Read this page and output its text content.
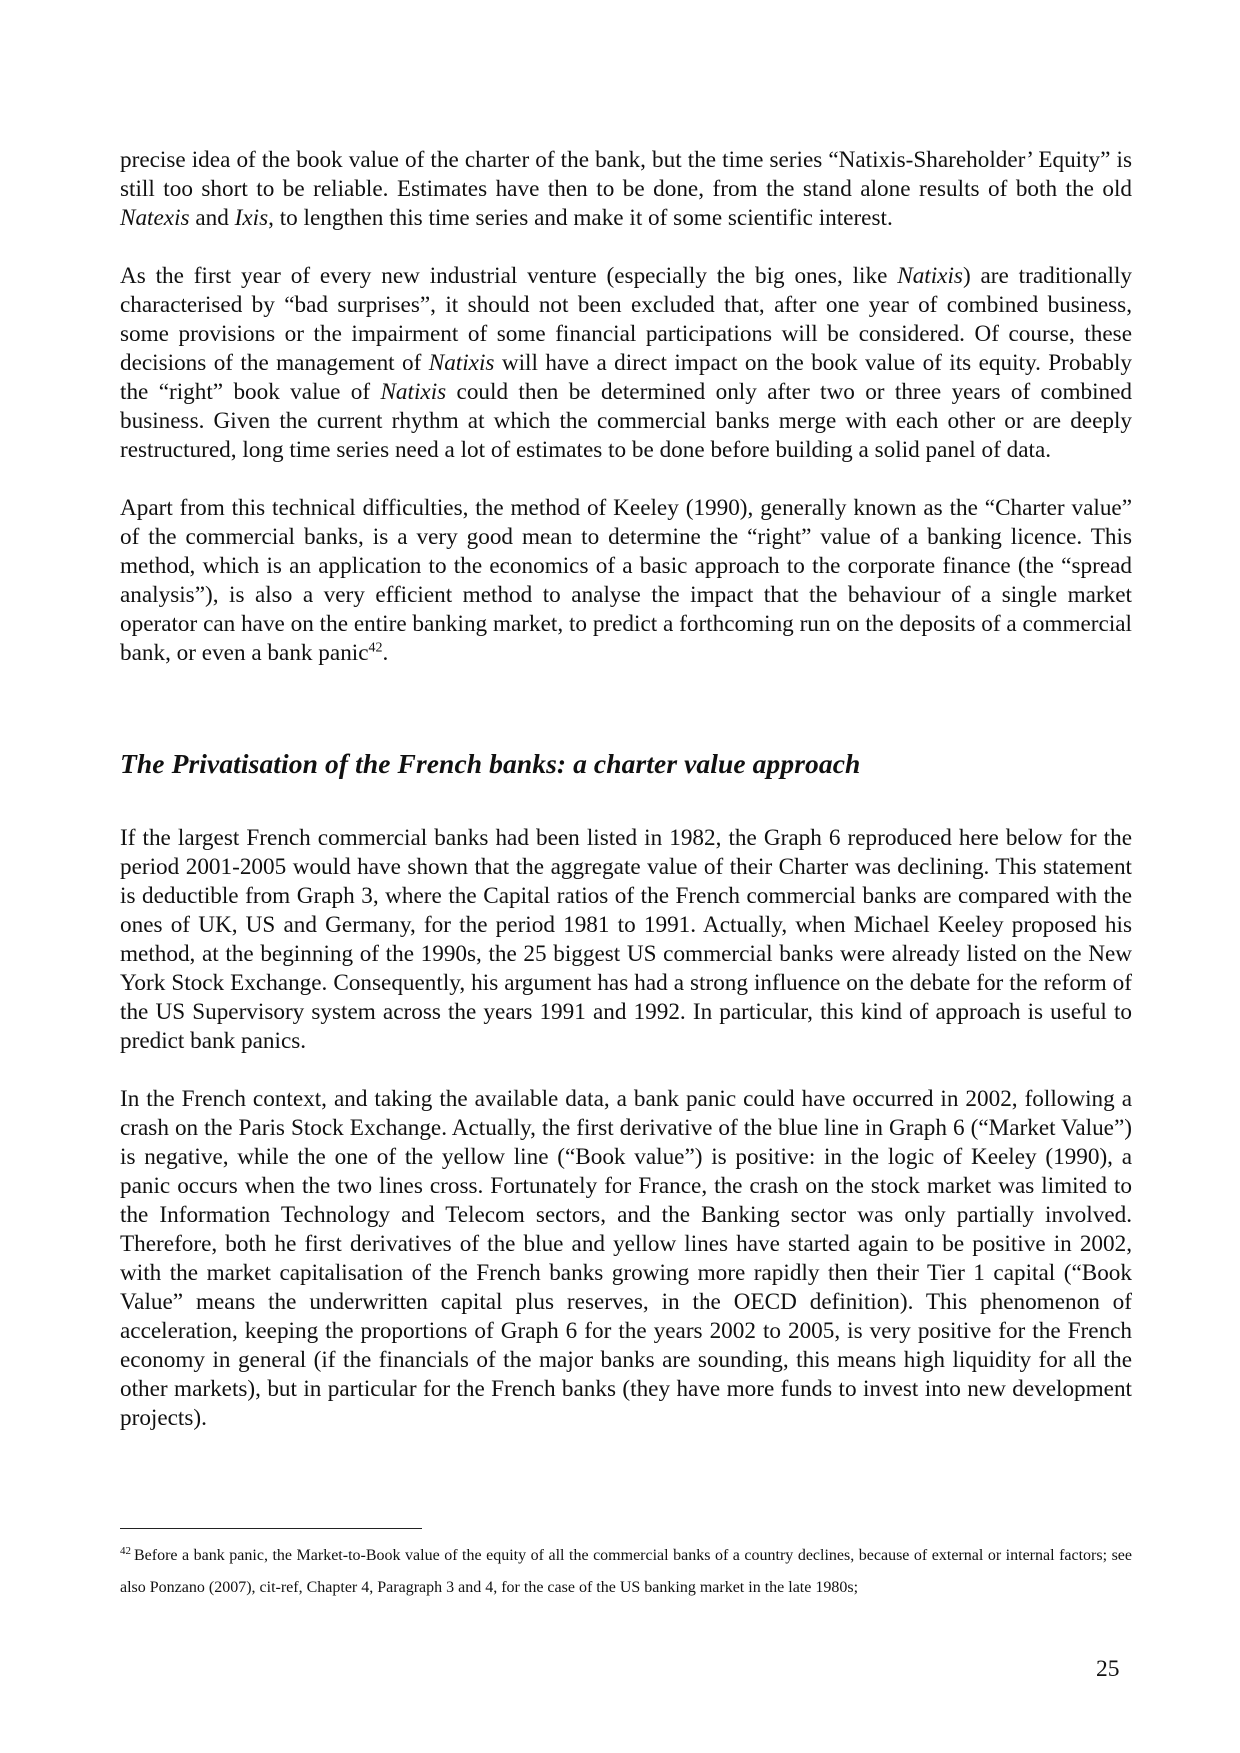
precise idea of the book value of the charter of the bank, but the time series “Natixis-Shareholder’ Equity” is still too short to be reliable. Estimates have then to be done, from the stand alone results of both the old Natexis and Ixis, to lengthen this time series and make it of some scientific interest.

As the first year of every new industrial venture (especially the big ones, like Natixis) are traditionally characterised by “bad surprises”, it should not been excluded that, after one year of combined business, some provisions or the impairment of some financial participations will be considered. Of course, these decisions of the management of Natixis will have a direct impact on the book value of its equity. Probably the “right” book value of Natixis could then be determined only after two or three years of combined business. Given the current rhythm at which the commercial banks merge with each other or are deeply restructured, long time series need a lot of estimates to be done before building a solid panel of data.

Apart from this technical difficulties, the method of Keeley (1990), generally known as the “Charter value” of the commercial banks, is a very good mean to determine the “right” value of a banking licence. This method, which is an application to the economics of a basic approach to the corporate finance (the “spread analysis”), is also a very efficient method to analyse the impact that the behaviour of a single market operator can have on the entire banking market, to predict a forthcoming run on the deposits of a commercial bank, or even a bank panic$^{42}$.

The Privatisation of the French banks: a charter value approach

If the largest French commercial banks had been listed in 1982, the Graph 6 reproduced here below for the period 2001-2005 would have shown that the aggregate value of their Charter was declining. This statement is deductible from Graph 3, where the Capital ratios of the French commercial banks are compared with the ones of UK, US and Germany, for the period 1981 to 1991. Actually, when Michael Keeley proposed his method, at the beginning of the 1990s, the 25 biggest US commercial banks were already listed on the New York Stock Exchange. Consequently, his argument has had a strong influence on the debate for the reform of the US Supervisory system across the years 1991 and 1992. In particular, this kind of approach is useful to predict bank panics.

In the French context, and taking the available data, a bank panic could have occurred in 2002, following a crash on the Paris Stock Exchange. Actually, the first derivative of the blue line in Graph 6 (“Market Value”) is negative, while the one of the yellow line (“Book value”) is positive: in the logic of Keeley (1990), a panic occurs when the two lines cross. Fortunately for France, the crash on the stock market was limited to the Information Technology and Telecom sectors, and the Banking sector was only partially involved. Therefore, both he first derivatives of the blue and yellow lines have started again to be positive in 2002, with the market capitalisation of the French banks growing more rapidly then their Tier 1 capital (“Book Value” means the underwritten capital plus reserves, in the OECD definition). This phenomenon of acceleration, keeping the proportions of Graph 6 for the years 2002 to 2005, is very positive for the French economy in general (if the financials of the major banks are sounding, this means high liquidity for all the other markets), but in particular for the French banks (they have more funds to invest into new development projects).

$^{42}$ Before a bank panic, the Market-to-Book value of the equity of all the commercial banks of a country declines, because of external or internal factors; see also Ponzano (2007), cit-ref, Chapter 4, Paragraph 3 and 4, for the case of the US banking market in the late 1980s;

25
